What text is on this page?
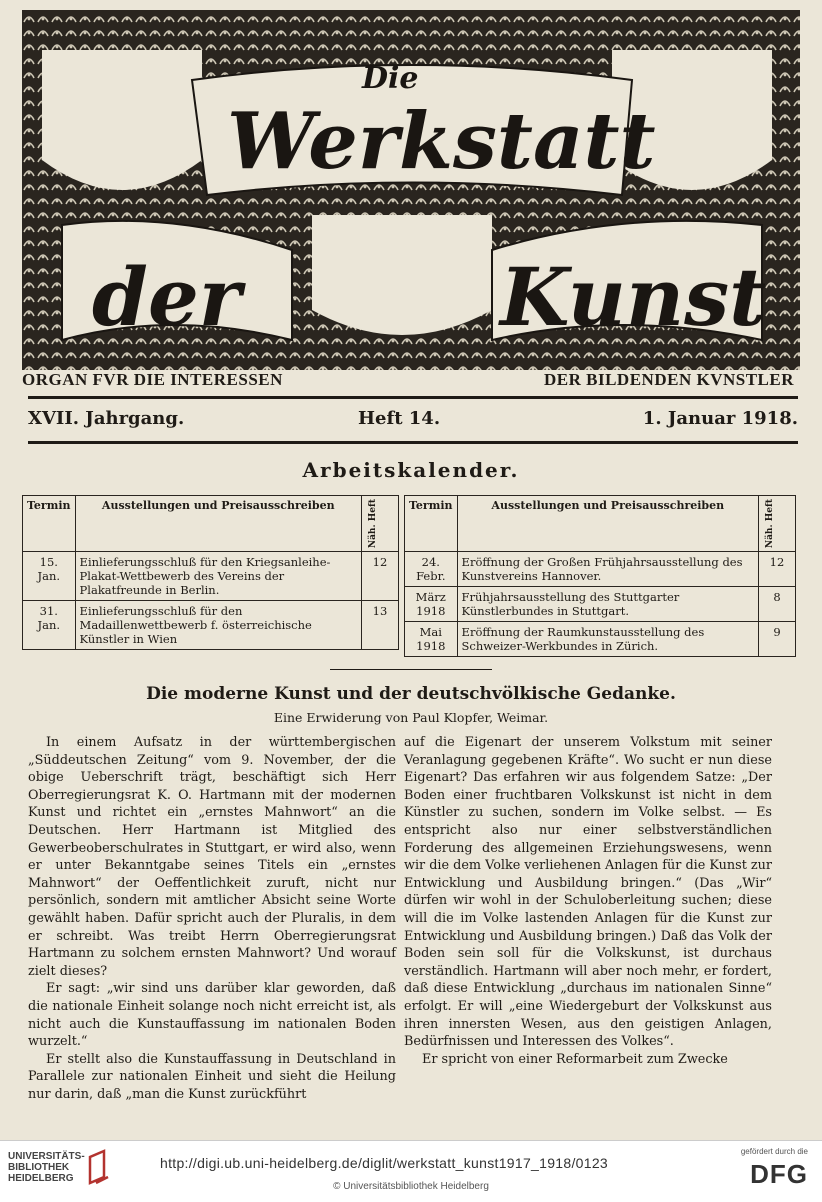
Die
Werkstatt
der	Kunst
ORGAN FVR DIE INTERESSEN	DER BILDENDEN KVNSTLER
XVII. Jahrgang.	Heft 14.	1. Januar 1918.
Arbeitskalender.
Termin	Ausstellungen und Preisausschreiben	Näh. Heft

15. Jan.	Einlieferungsschluß für den Kriegsanleihe-Plakat-Wettbewerb des Vereins der Plakatfreunde in Berlin.	12
31. Jan.	Einlieferungsschluß für den Madaillenwettbewerb f. österreichische Künstler in Wien	13
Termin	Ausstellungen und Preisausschreiben	Näh. Heft

24. Febr.	Eröffnung der Großen Frühjahrsausstellung des Kunstvereins Hannover.	12
März 1918	Frühjahrsausstellung des Stuttgarter Künstlerbundes in Stuttgart.	8
Mai 1918	Eröffnung der Raumkunstausstellung des Schweizer-Werkbundes in Zürich.	9
Die moderne Kunst und der deutschvölkische Gedanke.
Eine Erwiderung von Paul Klopfer, Weimar.

In einem Aufsatz in der württembergischen „Süddeutschen Zeitung“ vom 9. November, der die obige Ueberschrift trägt, beschäftigt sich Herr Oberregierungsrat K. O. Hartmann mit der modernen Kunst und richtet ein „ernstes Mahnwort“ an die Deutschen. Herr Hartmann ist Mitglied des Gewerbeoberschulrates in Stuttgart, er wird also, wenn er unter Bekanntgabe seines Titels ein „ernstes Mahnwort“ der Oeffentlichkeit zuruft, nicht nur persönlich, sondern mit amtlicher Absicht seine Worte gewählt haben. Dafür spricht auch der Pluralis, in dem er schreibt. Was treibt Herrn Oberregierungsrat Hartmann zu solchem ernsten Mahnwort? Und worauf zielt dieses?

Er sagt: „wir sind uns darüber klar geworden, daß die nationale Einheit solange noch nicht erreicht ist, als nicht auch die Kunstauffassung im nationalen Boden wurzelt.“

Er stellt also die Kunstauffassung in Deutschland in Parallele zur nationalen Einheit und sieht die Heilung nur darin, daß „man die Kunst zurückführt

auf die Eigenart der unserem Volkstum mit seiner Veranlagung gegebenen Kräfte“. Wo sucht er nun diese Eigenart? Das erfahren wir aus folgendem Satze: „Der Boden einer fruchtbaren Volkskunst ist nicht in dem Künstler zu suchen, sondern im Volke selbst. — Es entspricht also nur einer selbstverständlichen Forderung des allgemeinen Erziehungswesens, wenn wir die dem Volke verliehenen Anlagen für die Kunst zur Entwicklung und Ausbildung bringen.“ (Das „Wir“ dürfen wir wohl in der Schuloberleitung suchen; diese will die im Volke lastenden Anlagen für die Kunst zur Entwicklung und Ausbildung bringen.) Daß das Volk der Boden sein soll für die Volkskunst, ist durchaus verständlich. Hartmann will aber noch mehr, er fordert, daß diese Entwicklung „durchaus im nationalen Sinne“ erfolgt. Er will „eine Wiedergeburt der Volkskunst aus ihren innersten Wesen, aus den geistigen Anlagen, Bedürfnissen und Interessen des Volkes“.

Er spricht von einer Reformarbeit zum Zwecke

UNIVERSITÄTS-BIBLIOTHEK HEIDELBERG
http://digi.ub.uni-heidelberg.de/diglit/werkstatt_kunst1917_1918/0123
© Universitätsbibliothek Heidelberg
gefördert durch die
DFG
